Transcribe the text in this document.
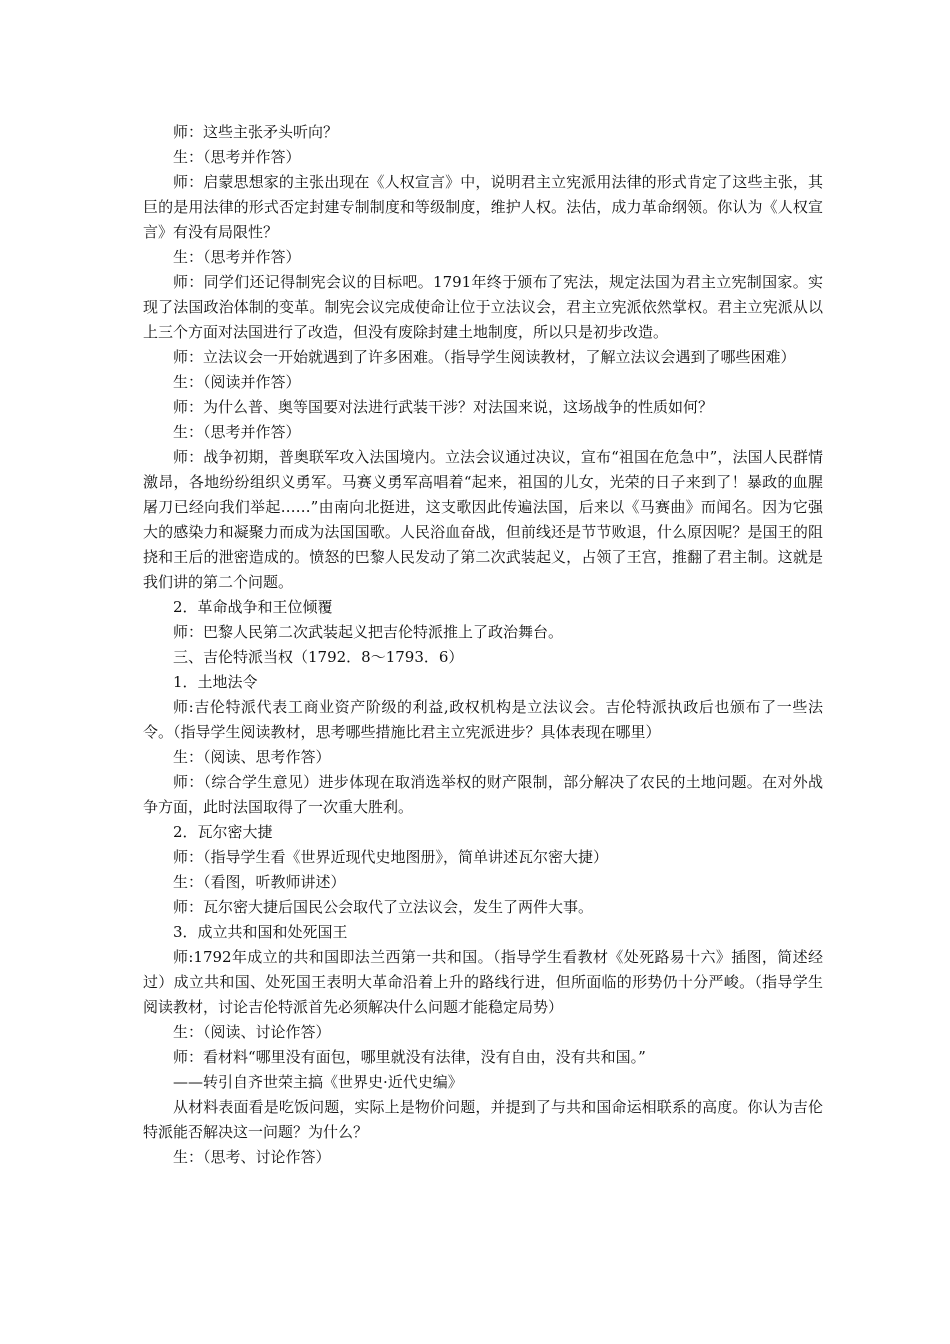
师：这些主张矛头听向？

生：（思考并作答）

师：启蒙思想家的主张出现在《人权宣言》中，说明君主立宪派用法律的形式肯定了这些主张，其巨的是用法律的形式否定封建专制制度和等级制度，维护人权。法估，成力革命纲领。你认为《人权宣言》有没有局限性？

生：（思考并作答）

师：同学们还记得制宪会议的目标吧。1791年终于颁布了宪法，规定法国为君主立宪制国家。实现了法国政治体制的变革。制宪会议完成使命让位于立法议会，君主立宪派依然掌权。君主立宪派从以上三个方面对法国进行了改造，但没有废除封建土地制度，所以只是初步改造。

师：立法议会一开始就遇到了许多困难。（指导学生阅读教材，了解立法议会遇到了哪些困难）

生：（阅读并作答）

师：为什么普、奥等国要对法进行武装干涉？对法国来说，这场战争的性质如何？

生：（思考并作答）

师：战争初期，普奥联军攻入法国境内。立法会议通过决议，宣布“祖国在危急中”，法国人民群情激昂，各地纷纷组织义勇军。马赛义勇军高唱着“起来，祖国的儿女，光荣的日子来到了！暴政的血腥屠刀已经向我们举起……”由南向北挺进，这支歌因此传遍法国，后来以《马赛曲》而闻名。因为它强大的感染力和凝聚力而成为法国国歌。人民浴血奋战，但前线还是节节败退，什么原因呢？是国王的阻挠和王后的泄密造成的。愤怒的巴黎人民发动了第二次武装起义，占领了王宫，推翻了君主制。这就是我们讲的第二个问题。

2．革命战争和王位倾覆

师：巴黎人民第二次武装起义把吉伦特派推上了政治舞台。

三、吉伦特派当权（1792．8～1793．6）

1．土地法令

师:吉伦特派代表工商业资产阶级的利益,政权机构是立法议会。吉伦特派执政后也颁布了一些法令。（指导学生阅读教材，思考哪些措施比君主立宪派进步？具体表现在哪里）

生：（阅读、思考作答）

师：（综合学生意见）进步体现在取消选举权的财产限制，部分解决了农民的土地问题。在对外战争方面，此时法国取得了一次重大胜利。

2．瓦尔密大捷

师：（指导学生看《世界近现代史地图册》，简单讲述瓦尔密大捷）

生：（看图，听教师讲述）

师：瓦尔密大捷后国民公会取代了立法议会，发生了两件大事。

3．成立共和国和处死国王

师:1792年成立的共和国即法兰西第一共和国。（指导学生看教材《处死路易十六》插图，简述经过）成立共和国、处死国王表明大革命沿着上升的路线行进，但所面临的形势仍十分严峻。（指导学生阅读教材，讨论吉伦特派首先必须解决什么问题才能稳定局势）

生：（阅读、讨论作答）

师：看材料“哪里没有面包，哪里就没有法律，没有自由，没有共和国。”

——转引自齐世荣主搞《世界史·近代史编》

从材料表面看是吃饭问题，实际上是物价问题，并提到了与共和国命运相联系的高度。你认为吉伦特派能否解决这一问题？为什么？

生：（思考、讨论作答）
